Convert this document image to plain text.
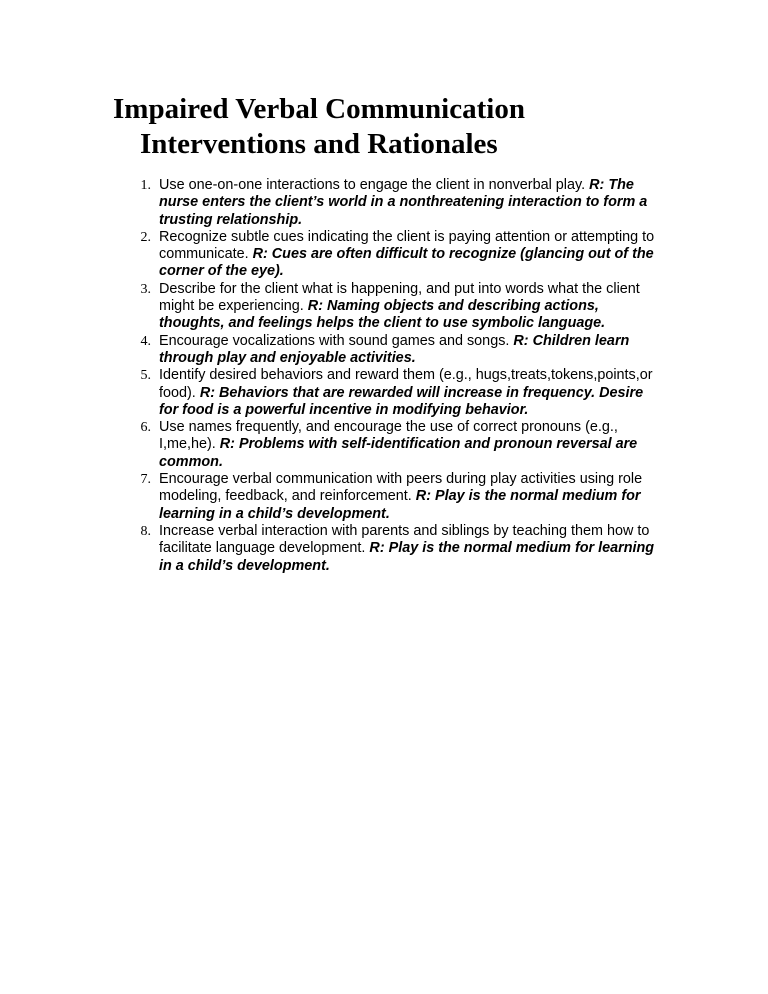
Impaired Verbal Communication
Interventions and Rationales
1. Use one-on-one interactions to engage the client in nonverbal play. R: The nurse enters the client’s world in a nonthreatening interaction to form a trusting relationship.
2. Recognize subtle cues indicating the client is paying attention or attempting to communicate. R: Cues are often difficult to recognize (glancing out of the corner of the eye).
3. Describe for the client what is happening, and put into words what the client might be experiencing. R: Naming objects and describing actions, thoughts, and feelings helps the client to use symbolic language.
4. Encourage vocalizations with sound games and songs. R: Children learn through play and enjoyable activities.
5. Identify desired behaviors and reward them (e.g., hugs,treats,tokens,points,or food). R: Behaviors that are rewarded will increase in frequency. Desire for food is a powerful incentive in modifying behavior.
6. Use names frequently, and encourage the use of correct pronouns (e.g., I,me,he). R: Problems with self-identification and pronoun reversal are common.
7. Encourage verbal communication with peers during play activities using role modeling, feedback, and reinforcement. R: Play is the normal medium for learning in a child’s development.
8. Increase verbal interaction with parents and siblings by teaching them how to facilitate language development. R: Play is the normal medium for learning in a child’s development.
